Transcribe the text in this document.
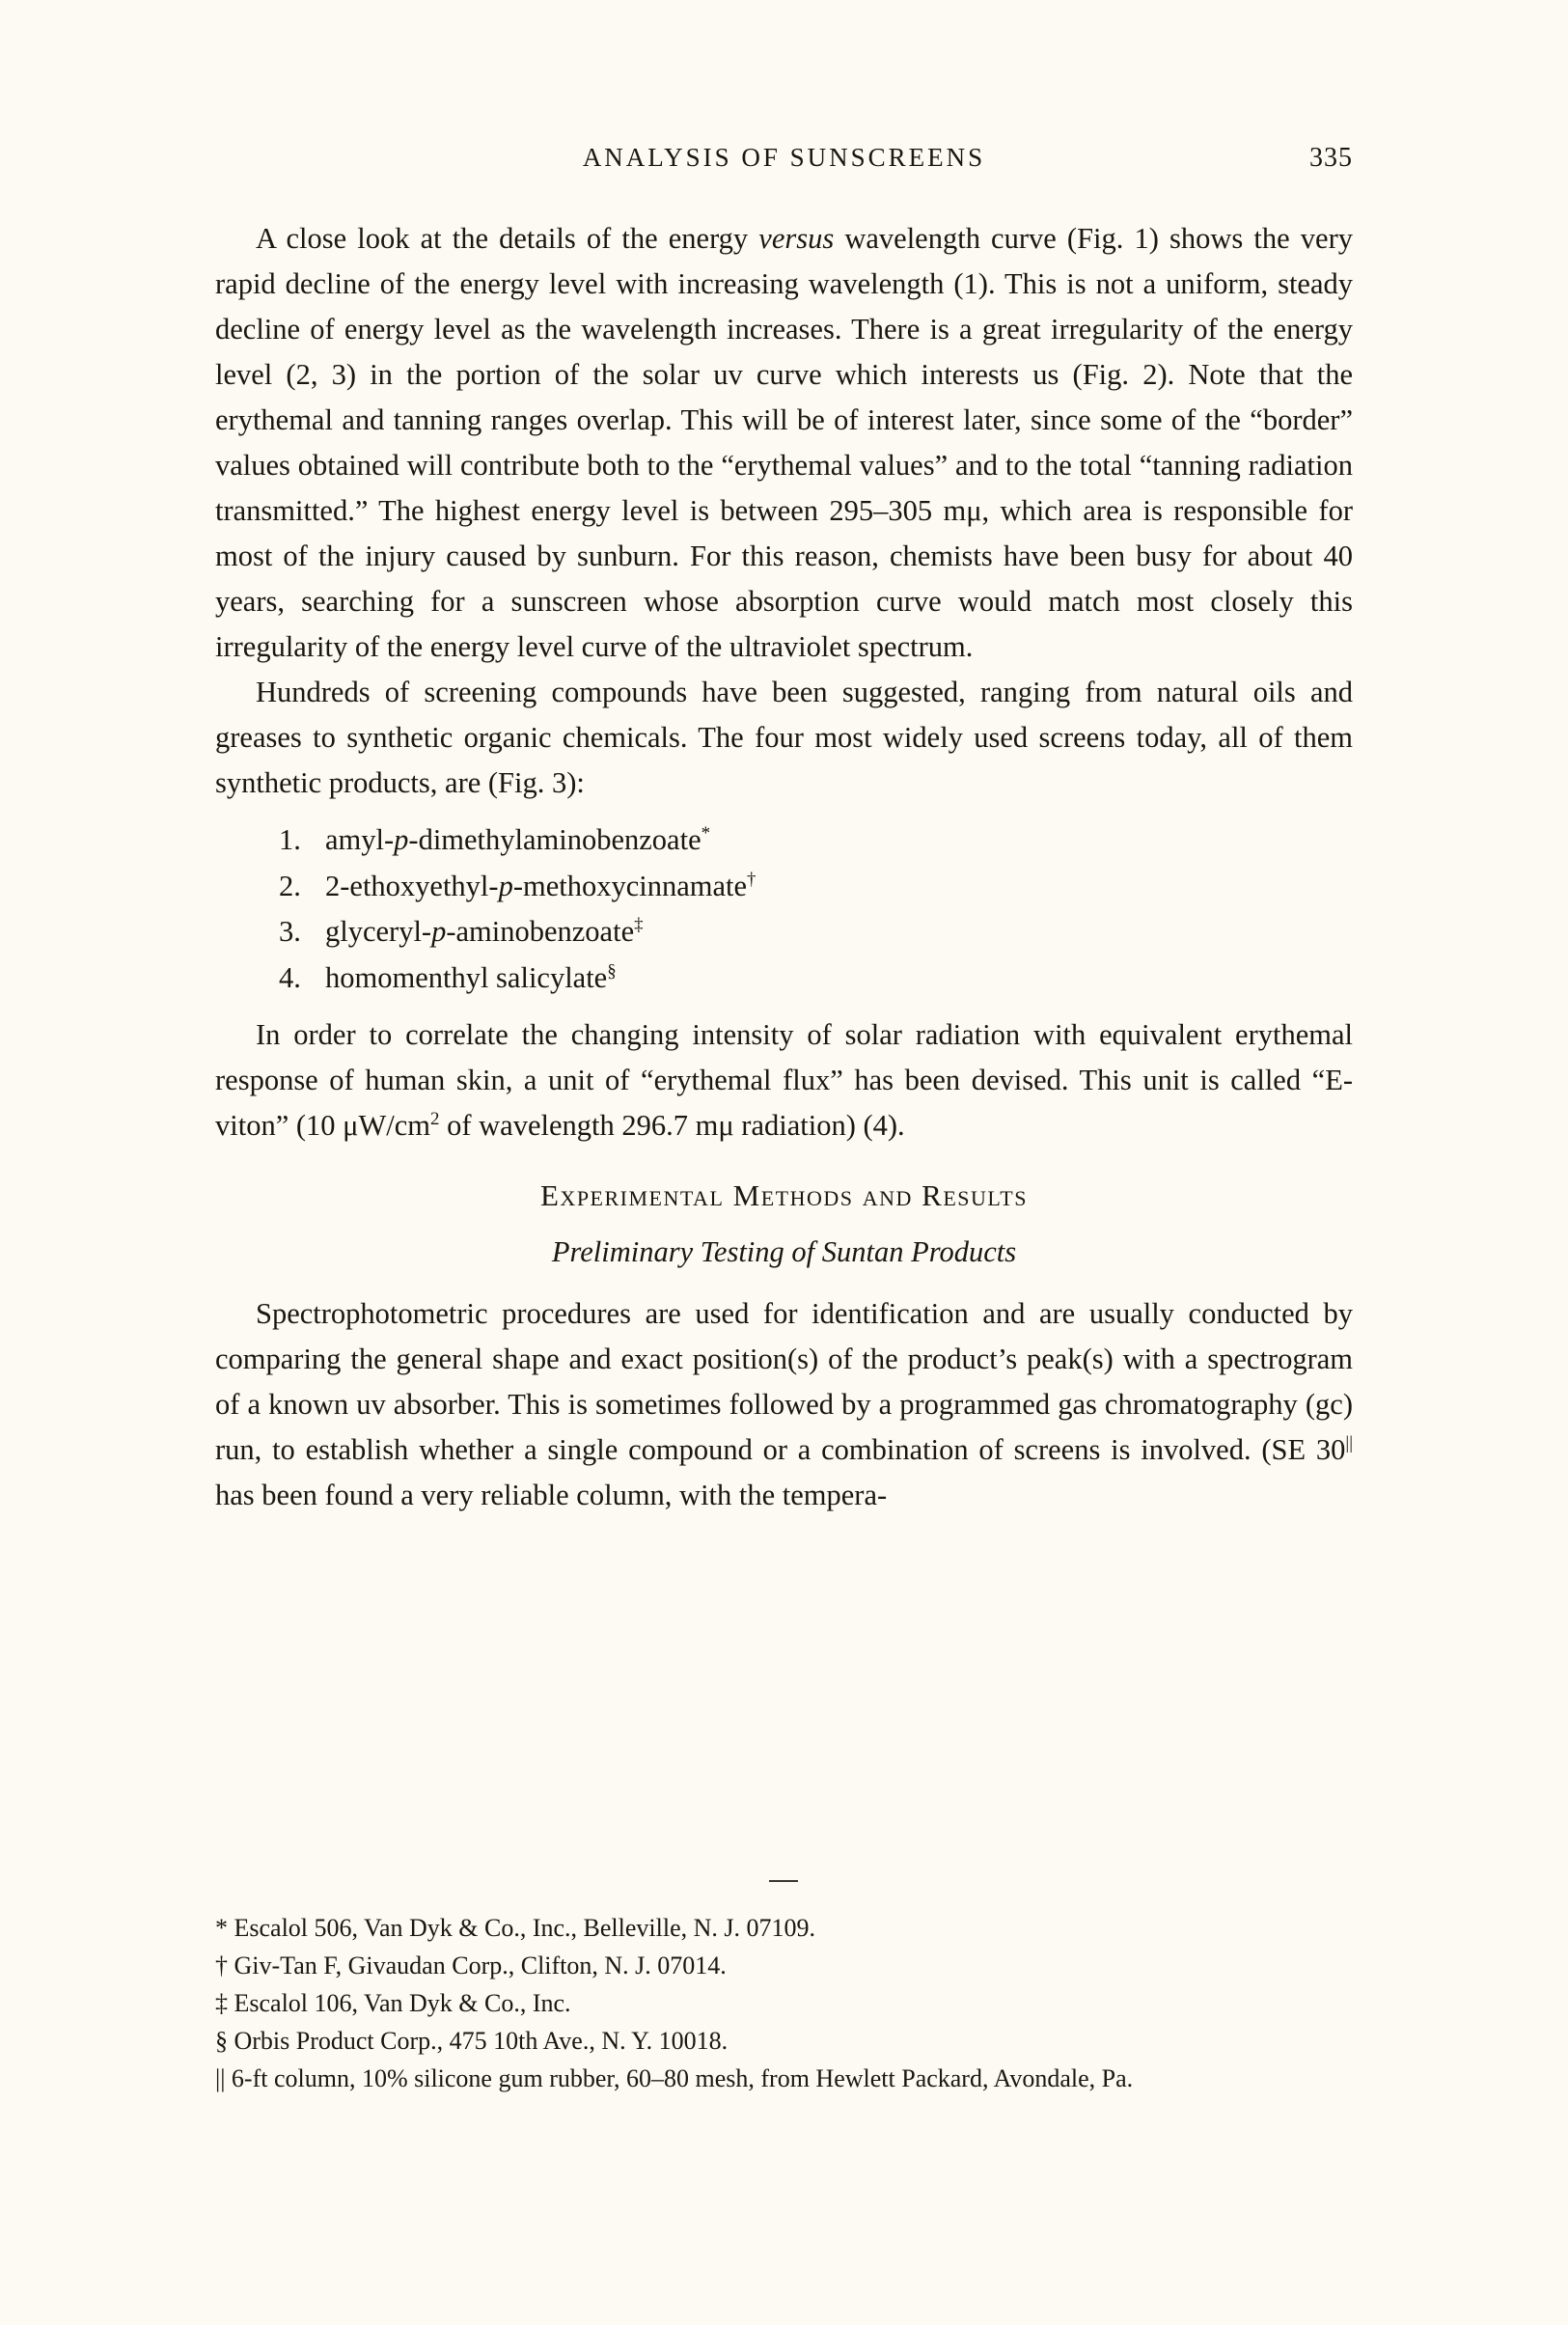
ANALYSIS OF SUNSCREENS	335

A close look at the details of the energy versus wavelength curve (Fig. 1) shows the very rapid decline of the energy level with increasing wavelength (1). This is not a uniform, steady decline of energy level as the wavelength increases. There is a great irregularity of the energy level (2, 3) in the portion of the solar uv curve which interests us (Fig. 2). Note that the erythemal and tanning ranges overlap. This will be of interest later, since some of the “border” values obtained will contribute both to the “erythemal values” and to the total “tanning radiation transmitted.” The highest energy level is between 295–305 mμ, which area is responsible for most of the injury caused by sunburn. For this reason, chemists have been busy for about 40 years, searching for a sunscreen whose absorption curve would match most closely this irregularity of the energy level curve of the ultraviolet spectrum.

Hundreds of screening compounds have been suggested, ranging from natural oils and greases to synthetic organic chemicals. The four most widely used screens today, all of them synthetic products, are (Fig. 3):

1. amyl-p-dimethylaminobenzoate*
2. 2-ethoxyethyl-p-methoxycinnamate†
3. glyceryl-p-aminobenzoate‡
4. homomenthyl salicylate§

In order to correlate the changing intensity of solar radiation with equivalent erythemal response of human skin, a unit of “erythemal flux” has been devised. This unit is called “E-viton” (10 $\mu W/cm^2$ of wavelength 296.7 mμ radiation) (4).

Experimental Methods and Results
Preliminary Testing of Suntan Products

Spectrophotometric procedures are used for identification and are usually conducted by comparing the general shape and exact position(s) of the product’s peak(s) with a spectrogram of a known uv absorber. This is sometimes followed by a programmed gas chromatography (gc) run, to establish whether a single compound or a combination of screens is involved. (SE 30|| has been found a very reliable column, with the tempera-

* Escalol 506, Van Dyk & Co., Inc., Belleville, N. J. 07109.
† Giv-Tan F, Givaudan Corp., Clifton, N. J. 07014.
‡ Escalol 106, Van Dyk & Co., Inc.
§ Orbis Product Corp., 475 10th Ave., N. Y. 10018.
|| 6-ft column, 10% silicone gum rubber, 60–80 mesh, from Hewlett Packard, Avondale, Pa.
